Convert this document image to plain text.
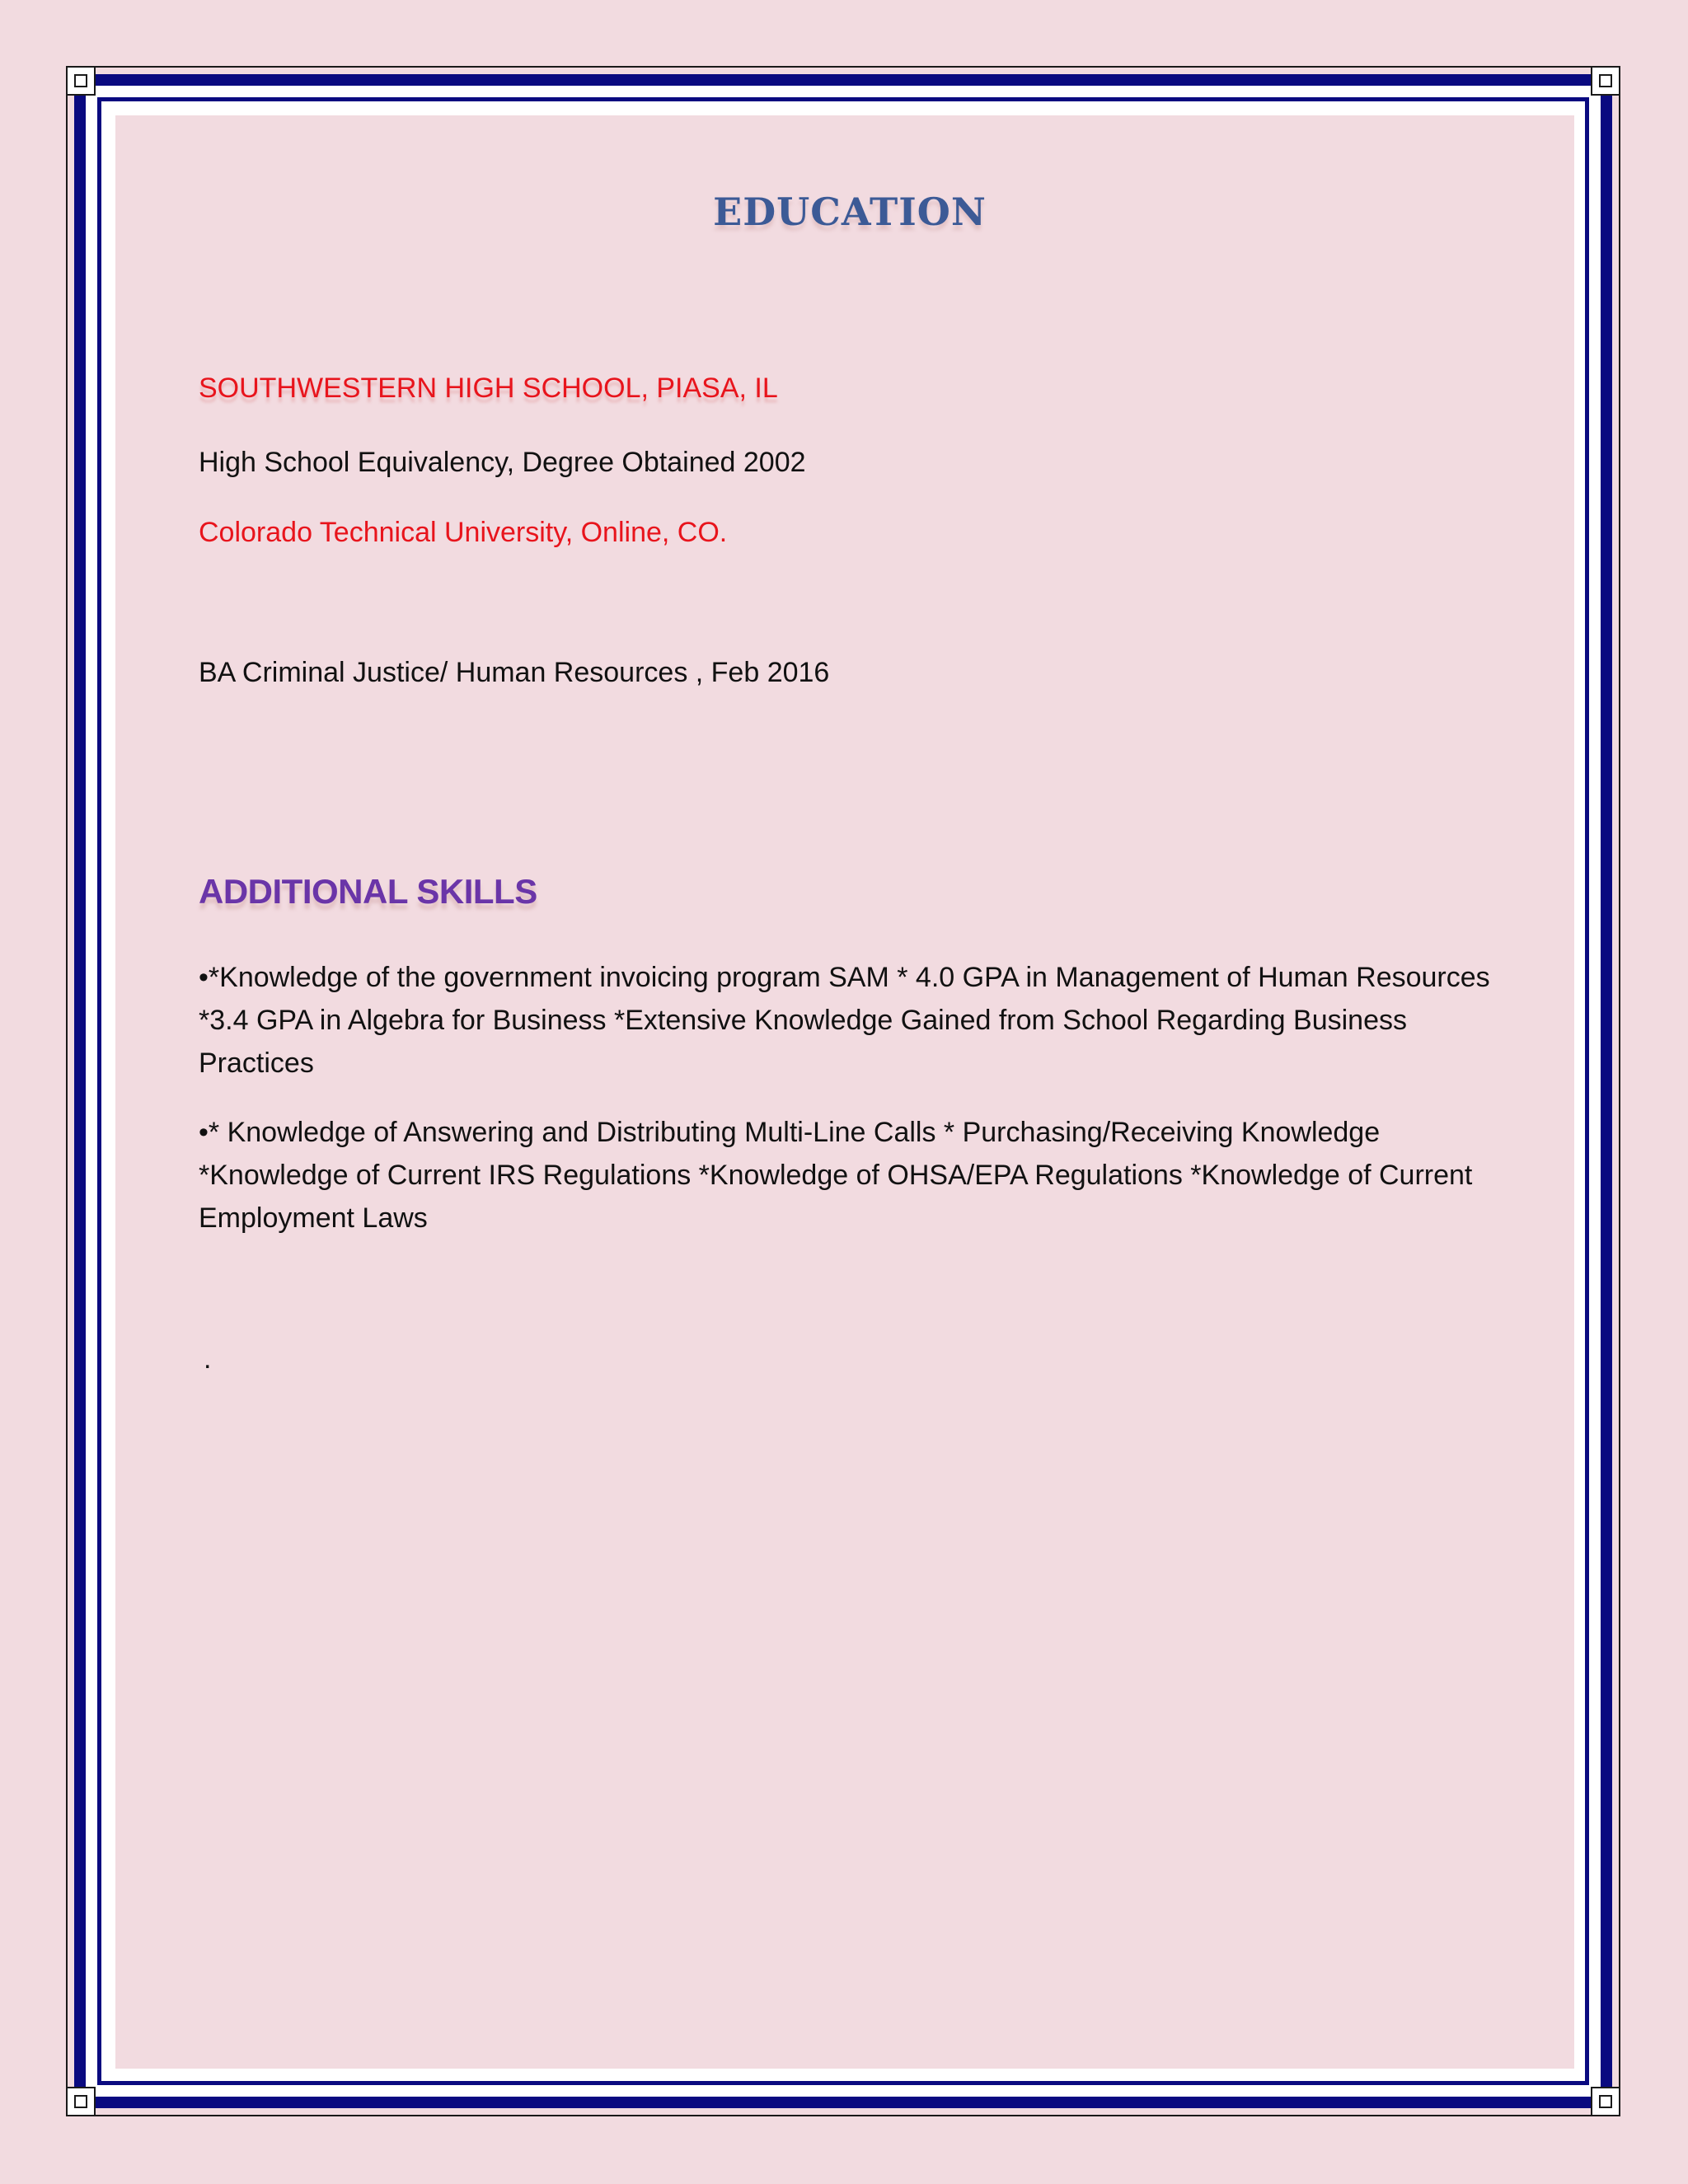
EDUCATION
SOUTHWESTERN HIGH SCHOOL, PIASA, IL
High School Equivalency, Degree Obtained 2002
Colorado Technical University, Online, CO.
BA Criminal Justice/ Human Resources , Feb 2016
ADDITIONAL SKILLS
•*Knowledge of the government invoicing program SAM * 4.0 GPA in Management of Human Resources *3.4 GPA in Algebra for Business *Extensive Knowledge Gained from School Regarding Business Practices
•* Knowledge of Answering and Distributing Multi-Line Calls * Purchasing/Receiving Knowledge *Knowledge of Current IRS Regulations *Knowledge of OHSA/EPA Regulations *Knowledge of Current Employment Laws
.
